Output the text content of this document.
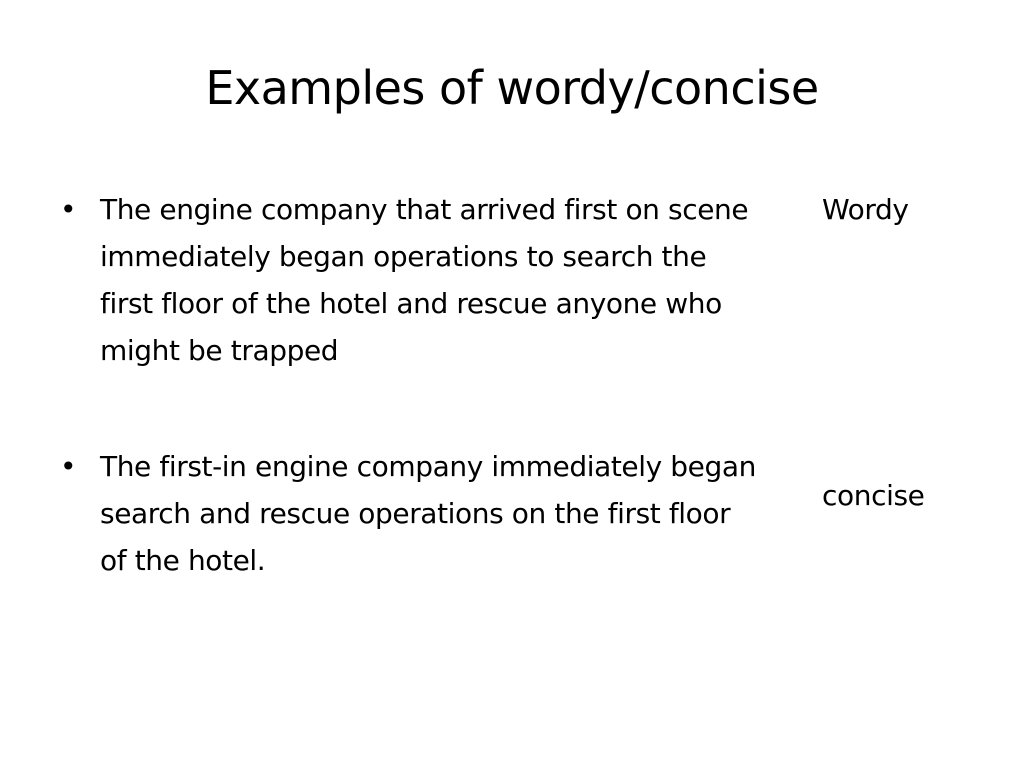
Examples of wordy/concise
• The engine company that arrived first on scene immediately began operations to search the first floor of the hotel and rescue anyone who might be trapped
Wordy
• The first-in engine company immediately began search and rescue operations on the first floor of the hotel.
concise
